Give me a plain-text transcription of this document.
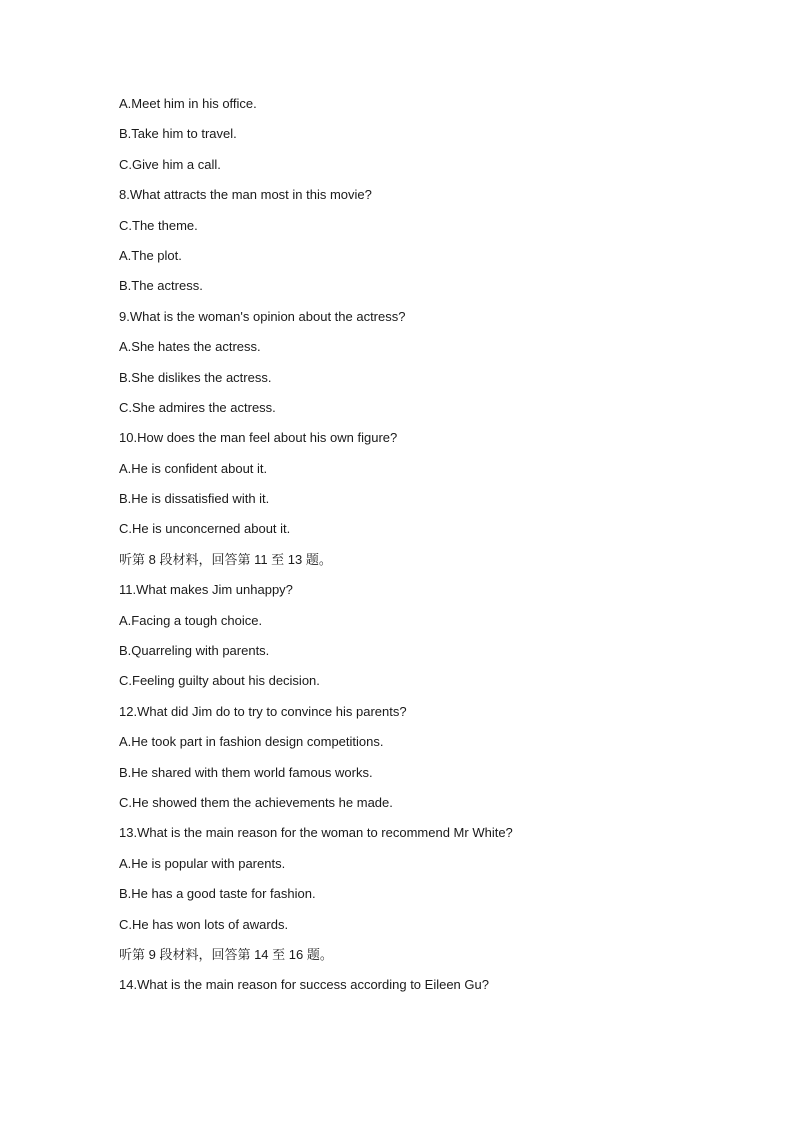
A.Meet him in his office.
B.Take him to travel.
C.Give him a call.
8.What attracts the man most in this movie?
C.The theme.
A.The plot.
B.The actress.
9.What is the woman's opinion about the actress?
A.She hates the actress.
B.She dislikes the actress.
C.She admires the actress.
10.How does the man feel about his own figure?
A.He is confident about it.
B.He is dissatisfied with it.
C.He is unconcerned about it.
听第 8 段材料，回答第 11 至 13 题。
11.What makes Jim unhappy?
A.Facing a tough choice.
B.Quarreling with parents.
C.Feeling guilty about his decision.
12.What did Jim do to try to convince his parents?
A.He took part in fashion design competitions.
B.He shared with them world famous works.
C.He showed them the achievements he made.
13.What is the main reason for the woman to recommend Mr White?
A.He is popular with parents.
B.He has a good taste for fashion.
C.He has won lots of awards.
听第 9 段材料，回答第 14 至 16 题。
14.What is the main reason for success according to Eileen Gu?
